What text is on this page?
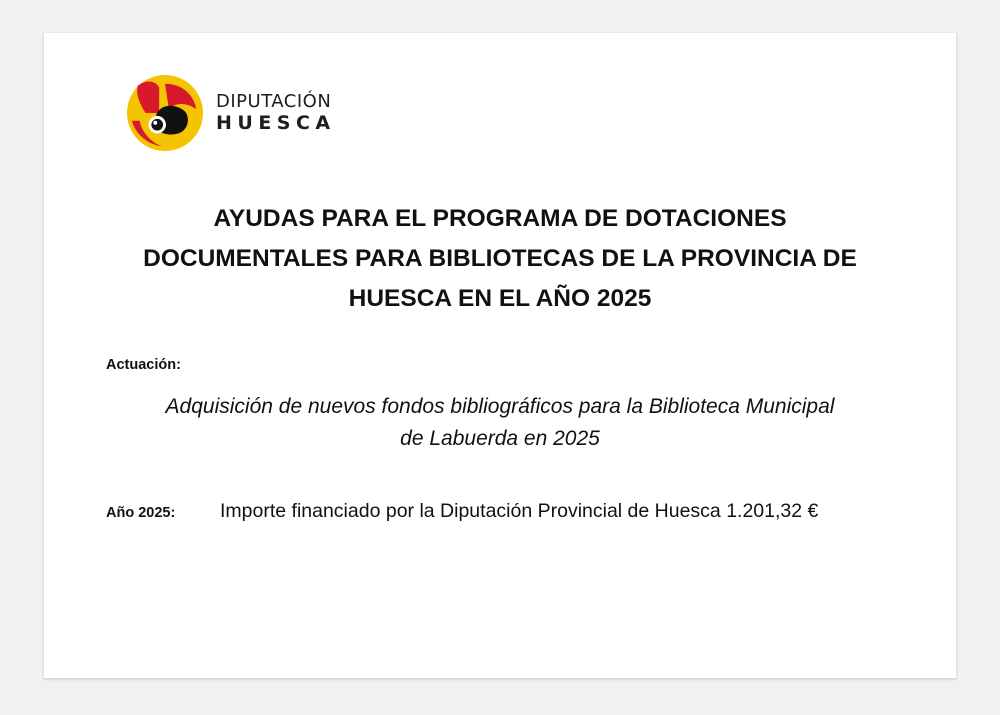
DIPUTACIÓN
HUESCA
AYUDAS PARA EL PROGRAMA DE DOTACIONES
DOCUMENTALES PARA BIBLIOTECAS DE LA PROVINCIA DE
HUESCA EN EL AÑO 2025
Actuación:
Adquisición de nuevos fondos bibliográficos para la Biblioteca Municipal
de Labuerda en 2025
Año 2025: Importe financiado por la Diputación Provincial de Huesca 1.201,32 €
